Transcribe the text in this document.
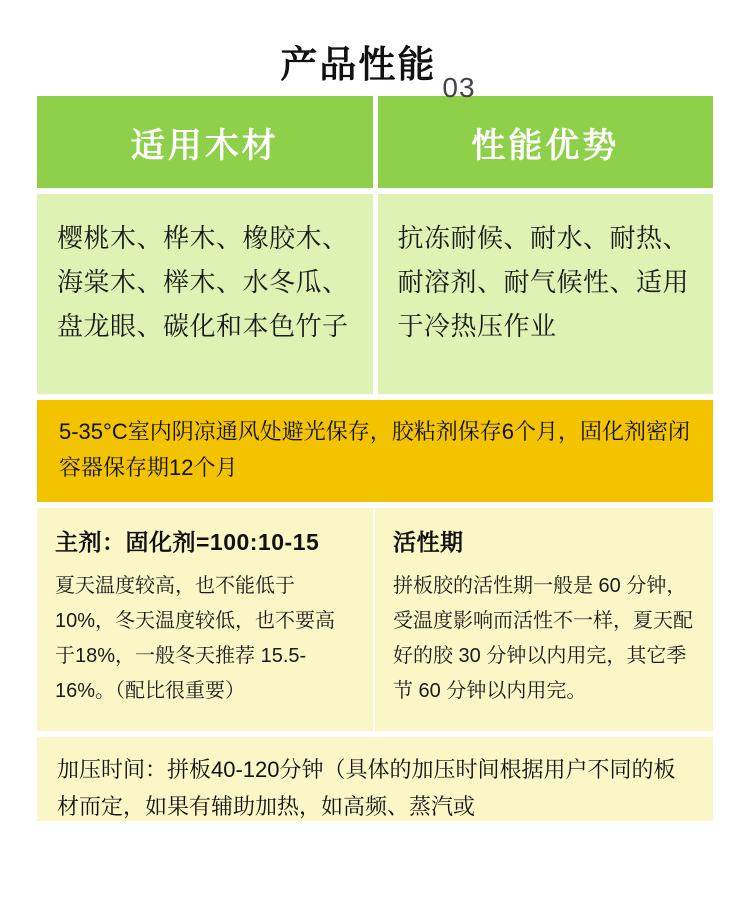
产品性能03
适用木材	性能优势
樱桃木、桦木、橡胶木、海棠木、榉木、水冬瓜、盘龙眼、碳化和本色竹子
抗冻耐候、耐水、耐热、耐溶剂、耐气候性、适用于冷热压作业
5-35°C室内阴凉通风处避光保存，胶粘剂保存6个月，固化剂密闭容器保存期12个月
主剂：固化剂=100:10-15
夏天温度较高，也不能低于10%，冬天温度较低，也不要高于18%，一般冬天推荐 15.5-16%。（配比很重要）
活性期
拼板胶的活性期一般是 60 分钟，受温度影响而活性不一样，夏天配好的胶 30 分钟以内用完，其它季节 60 分钟以内用完。
加压时间：拼板40-120分钟（具体的加压时间根据用户不同的板材而定，如果有辅助加热，如高频、蒸汽或
